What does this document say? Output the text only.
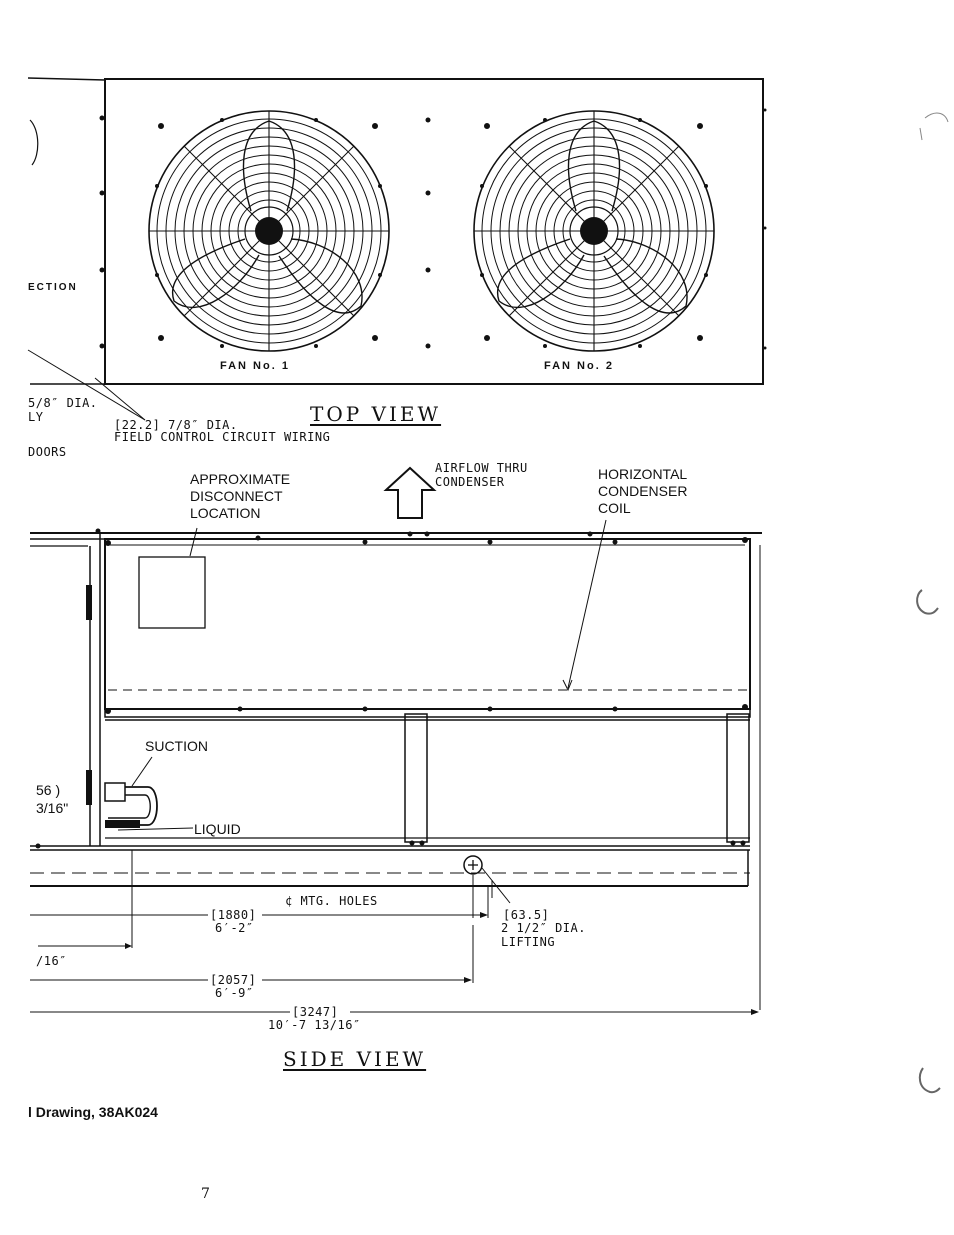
FAN No. 1	FAN No. 2
ECTION
TOP VIEW
5/8″ DIA.
LY
DOORS
[22.2] 7/8″ DIA.
FIELD CONTROL CIRCUIT WIRING
APPROXIMATE
DISCONNECT
LOCATION
AIRFLOW THRU
CONDENSER	HORIZONTAL
CONDENSER
COIL
SUCTION
LIQUID
56 )
3/16"
/16″
¢ MTG. HOLES
[1880]
6′-2″
[2057]
6′-9″
[3247]
10′-7 13/16″
[63.5]
2 1/2″ DIA.
LIFTING
SIDE VIEW
l Drawing, 38AK024
7
